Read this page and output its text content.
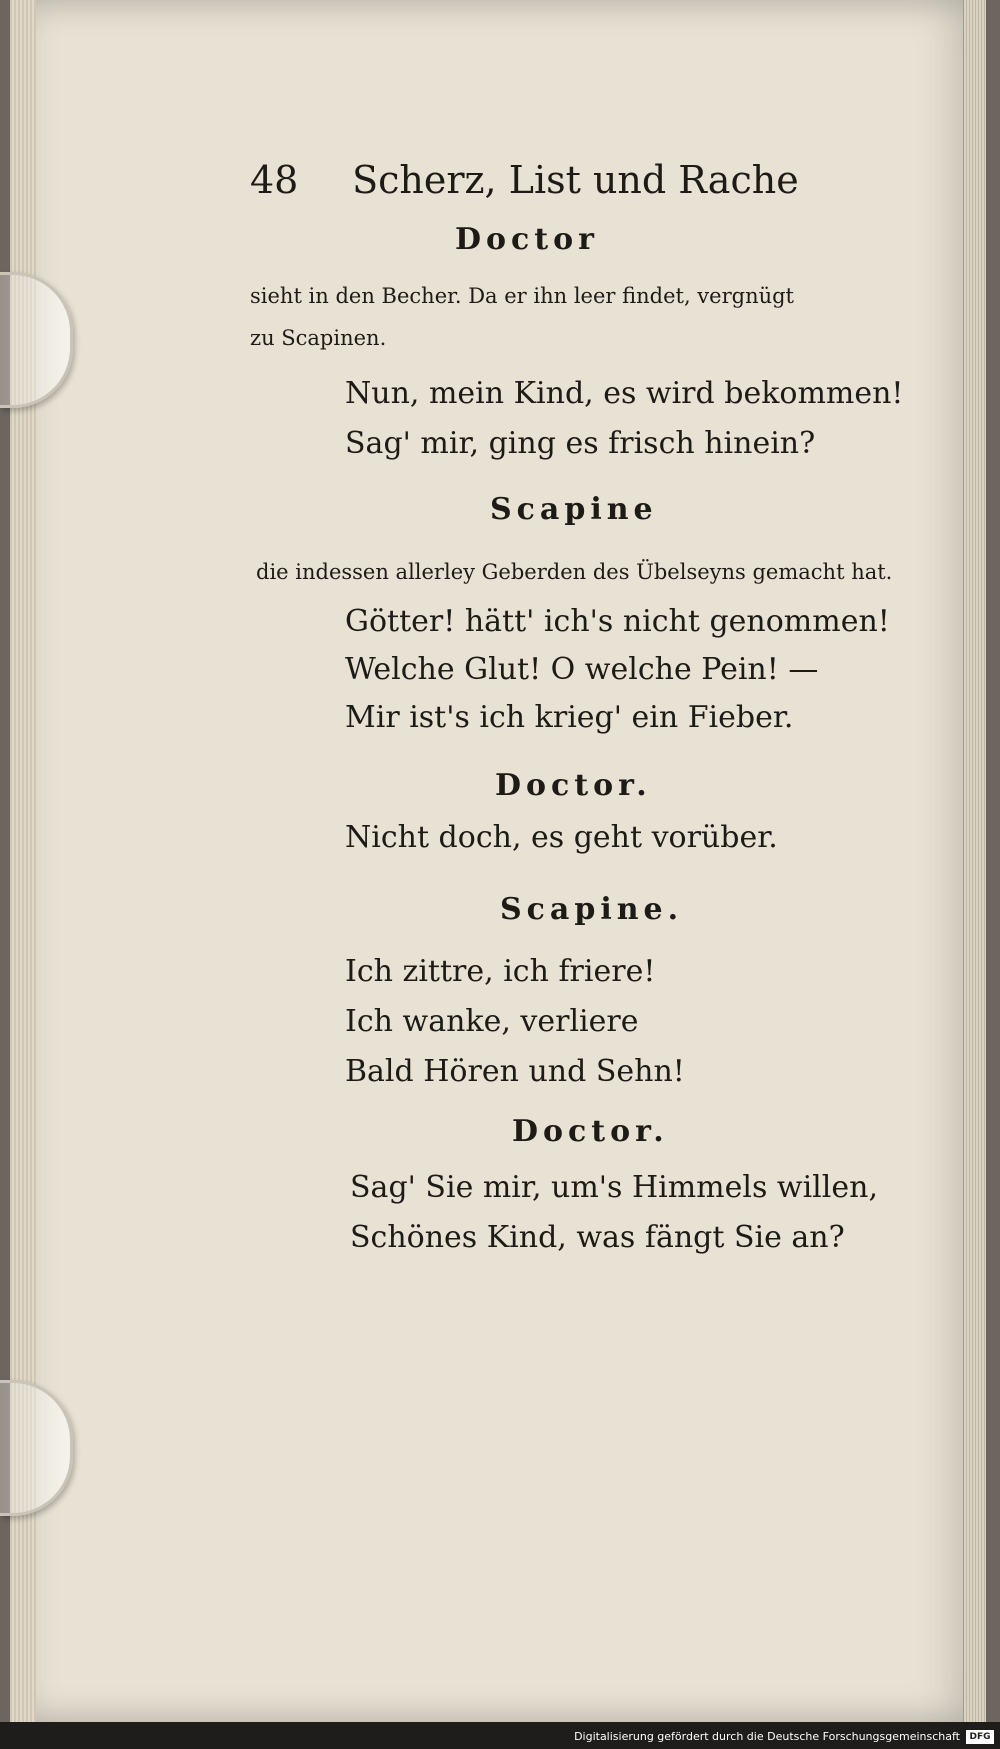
48 Scherz, List und Rache
Doctor
sieht in den Becher. Da er ihn leer findet, vergnügt
zu Scapinen.
Nun, mein Kind, es wird bekommen!
Sag' mir, ging es frisch hinein?
Scapine
die indessen allerley Geberden des Übelseyns gemacht hat.
Götter! hätt' ich's nicht genommen!
Welche Glut! O welche Pein! —
Mir ist's ich krieg' ein Fieber.
Doctor.
Nicht doch, es geht vorüber.
Scapine.
Ich zittre, ich friere!
Ich wanke, verliere
Bald Hören und Sehn!
Doctor.
Sag' Sie mir, um's Himmels willen,
Schönes Kind, was fängt Sie an?
Digitalisierung gefördert durch die Deutsche Forschungsgemeinschaft	DFG
